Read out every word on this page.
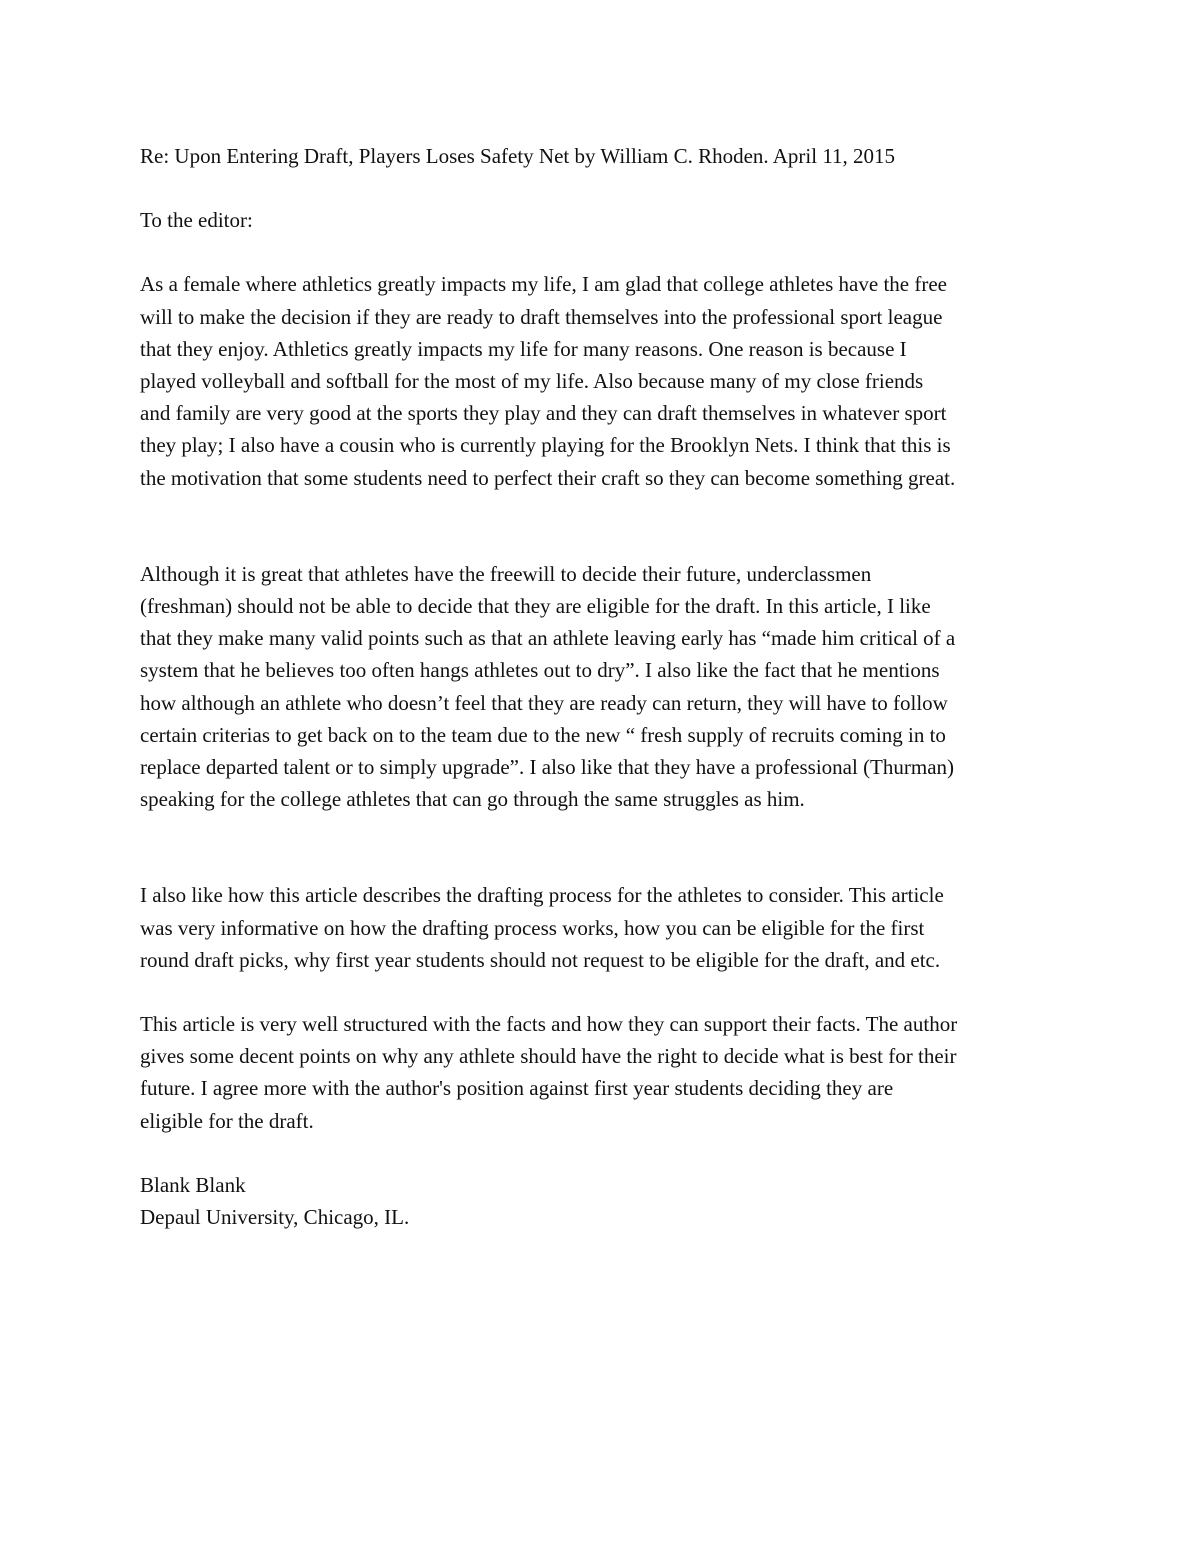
Re: Upon Entering Draft, Players Loses Safety Net by William C. Rhoden. April 11, 2015

To the editor:

As a female where athletics greatly impacts my life, I am glad that college athletes have the free
will to make the decision if they are ready to draft themselves into the professional sport league
that they enjoy. Athletics greatly impacts my life for many reasons. One reason is because I
played volleyball and softball for the most of my life. Also because many of my close friends
and family are very good at the sports they play and they can draft themselves in whatever sport
they play; I also have a cousin who is currently playing for the Brooklyn Nets. I think that this is
the motivation that some students need to perfect their craft so they can become something great.

Although it is great that athletes have the freewill to decide their future, underclassmen
(freshman) should not be able to decide that they are eligible for the draft. In this article, I like
that they make many valid points such as that an athlete leaving early has “made him critical of a
system that he believes too often hangs athletes out to dry”. I also like the fact that he mentions
how although an athlete who doesn’t feel that they are ready can return, they will have to follow
certain criterias to get back on to the team due to the new “ fresh supply of recruits coming in to
replace departed talent or to simply upgrade”. I also like that they have a professional (Thurman)
speaking for the college athletes that can go through the same struggles as him.

I also like how this article describes the drafting process for the athletes to consider. This article
was very informative on how the drafting process works, how you can be eligible for the first
round draft picks, why first year students should not request to be eligible for the draft, and etc.

This article is very well structured with the facts and how they can support their facts. The author
gives some decent points on why any athlete should have the right to decide what is best for their
future. I agree more with the author's position against first year students deciding they are
eligible for the draft.

Blank Blank
Depaul University, Chicago, IL.
